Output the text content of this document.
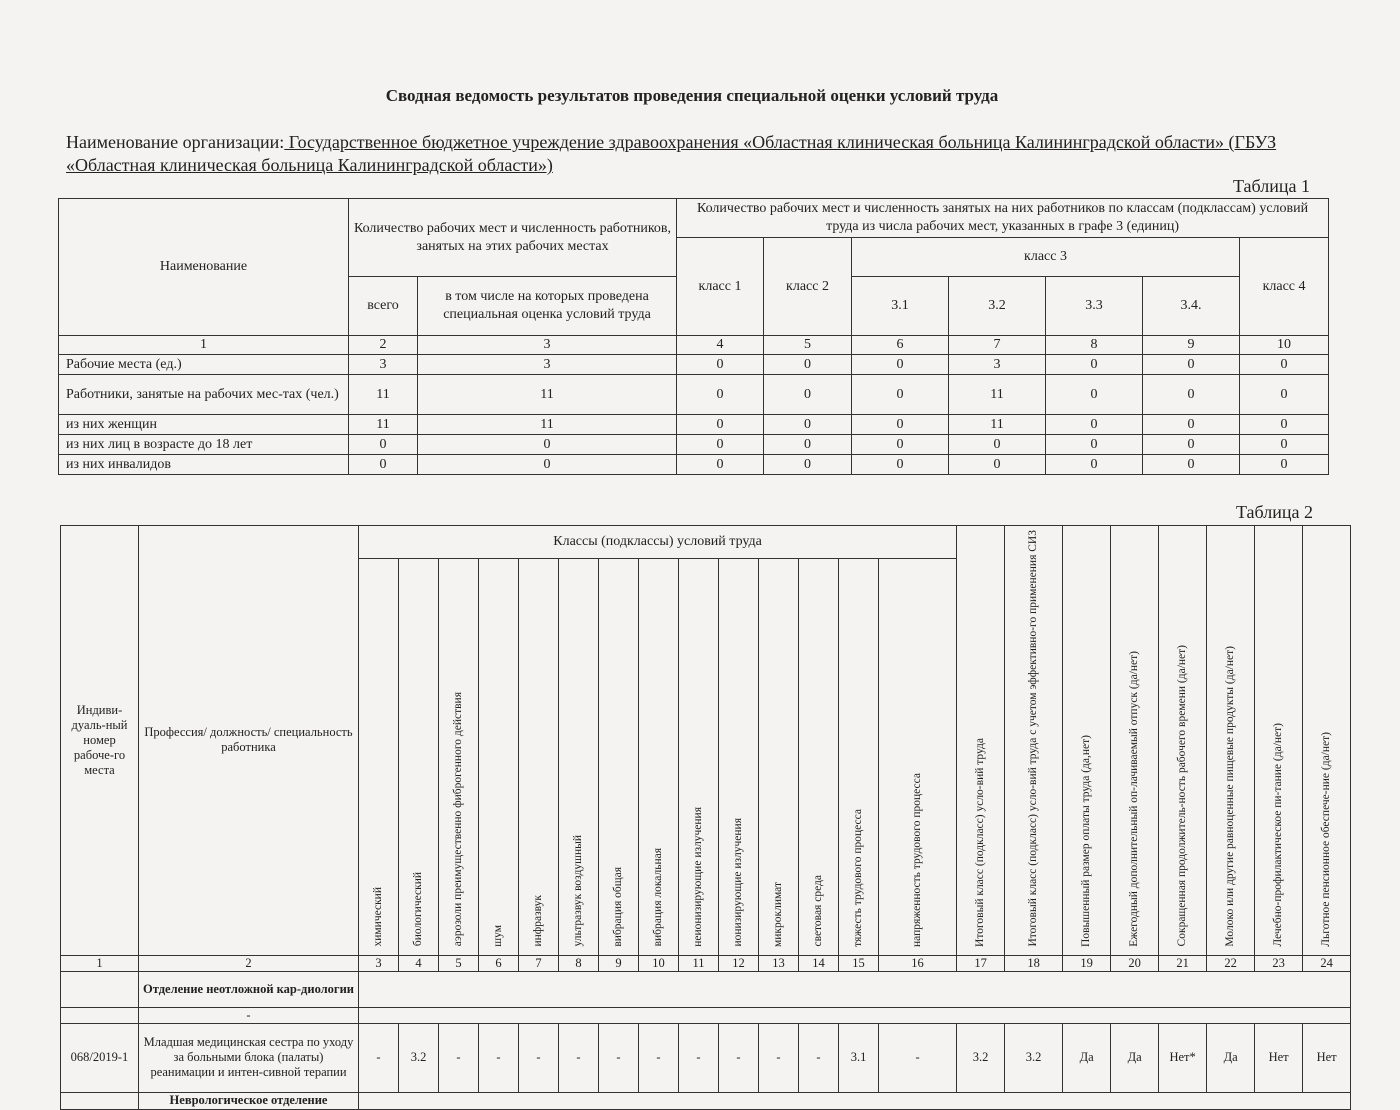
Сводная ведомость результатов проведения специальной оценки условий труда
Наименование организации: Государственное бюджетное учреждение здравоохранения «Областная клиническая больница Калининградской области» (ГБУЗ «Областная клиническая больница Калининградской области»)
Таблица 1
Наименование	Количество рабочих мест и численность работников, занятых на этих рабочих местах		Количество рабочих мест и численность занятых на них работников по классам (подклассам) условий труда из числа рабочих мест, указанных в графе 3 (единиц)						
			класс 1	класс 2	класс 3				класс 4
	всего	в том числе на которых проведена специальная оценка условий труда			3.1	3.2	3.3	3.4.	
1	2	3	4	5	6	7	8	9	10
Рабочие места (ед.)	3	3	0	0	0	3	0	0	0
Работники, занятые на рабочих мес-тах (чел.)	11	11	0	0	0	11	0	0	0
из них женщин	11	11	0	0	0	11	0	0	0
из них лиц в возрасте до 18 лет	0	0	0	0	0	0	0	0	0
из них инвалидов	0	0	0	0	0	0	0	0	0
Таблица 2
Индиви-дуаль-ный номер рабоче-го места	Профессия/ должность/ специальность работника	Классы (подклассы) условий труда														Итоговый класс (подкласс) усло-вий труда	Итоговый класс (подкласс) усло-вий труда с учетом эффективно-го применения СИЗ	Повышенный размер оплаты труда (да,нет)	Ежегодный дополнительный оп-лачиваемый отпуск (да/нет)	Сокращенная продолжитель-ность рабочего времени (да/нет)	Молоко или другие равноценные пищевые продукты (да/нет)	Лечебно-профилактическое пи-тание (да/нет)	Льготное пенсионное обеспече-ние (да/нет)
		химический	биологический	аэрозоли преимущественно фиброгенного действия	шум	инфразвук	ультразвук воздушный	вибрация общая	вибрация локальная	неионизирующие излучения	ионизирующие излучения	микроклимат	световая среда	тяжесть трудового процесса	напряженность трудового процесса								
1	2	3	4	5	6	7	8	9	10	11	12	13	14	15	16	17	18	19	20	21	22	23	24
	Отделение неотложной кар-диологии																						
	-																						
068/2019-1	Младшая медицинская сестра по уходу за больными блока (палаты) реанимации и интен-сивной терапии	-	3.2	-	-	-	-	-	-	-	-	-	-	3.1	-	3.2	3.2	Да	Да	Нет*	Да	Нет	Нет
	Неврологическое отделение																						
